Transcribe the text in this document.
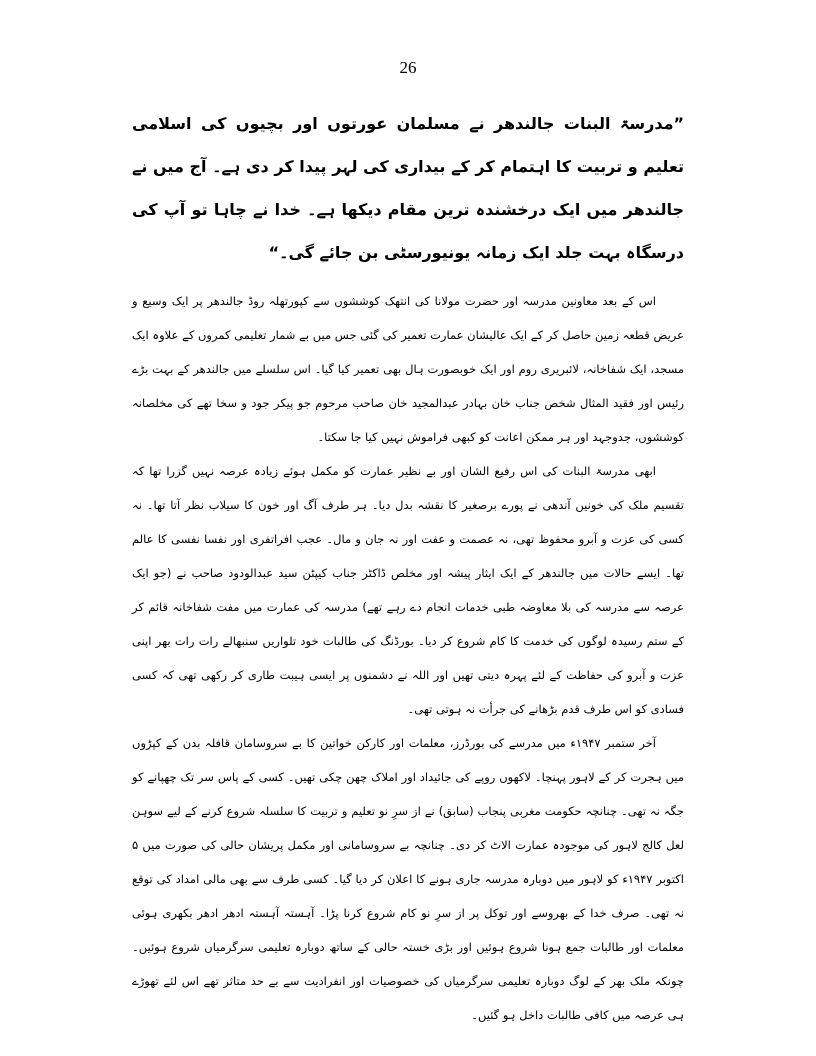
26

”مدرسۃ البنات جالندھر نے مسلمان عورتوں اور بچیوں کی اسلامی تعلیم و تربیت کا اہتمام کر کے بیداری کی لہر پیدا کر دی ہے۔ آج میں نے جالندھر میں ایک درخشندہ ترین مقام دیکھا ہے۔ خدا نے چاہا تو آپ کی درسگاہ بہت جلد ایک زمانہ یونیورسٹی بن جائے گی۔“

اس کے بعد معاونین مدرسہ اور حضرت مولانا کی انتھک کوششوں سے کپورتھلہ روڈ جالندھر پر ایک وسیع و عریض قطعہ زمین حاصل کر کے ایک عالیشان عمارت تعمیر کی گئی جس میں بے شمار تعلیمی کمروں کے علاوہ ایک مسجد، ایک شفاخانہ، لائبریری روم اور ایک خوبصورت ہال بھی تعمیر کیا گیا۔ اس سلسلے میں جالندھر کے بہت بڑے رئیس اور فقید المثال شخص جناب خان بہادر عبدالمجید خان صاحب مرحوم جو پیکر جود و سخا تھے کی مخلصانہ کوششوں، جدوجہد اور ہر ممکن اعانت کو کبھی فراموش نہیں کیا جا سکتا۔

ابھی مدرسۃ البنات کی اس رفیع الشان اور بے نظیر عمارت کو مکمل ہوئے زیادہ عرصہ نہیں گزرا تھا کہ تقسیم ملک کی خونیں آندھی نے پورے برصغیر کا نقشہ بدل دیا۔ ہر طرف آگ اور خون کا سیلاب نظر آتا تھا۔ نہ کسی کی عزت و آبرو محفوظ تھی، نہ عصمت و عفت اور نہ جان و مال۔ عجب افراتفری اور نفسا نفسی کا عالم تھا۔ ایسے حالات میں جالندھر کے ایک ایثار پیشہ اور مخلص ڈاکٹر جناب کیپٹن سید عبدالودود صاحب نے (جو ایک عرصہ سے مدرسہ کی بلا معاوضہ طبی خدمات انجام دے رہے تھے) مدرسہ کی عمارت میں مفت شفاخانہ قائم کر کے ستم رسیدہ لوگوں کی خدمت کا کام شروع کر دیا۔ بورڈنگ کی طالبات خود تلواریں سنبھالے رات رات بھر اپنی عزت و آبرو کی حفاظت کے لئے پہرہ دیتی تھیں اور اللہ نے دشمنوں پر ایسی ہیبت طاری کر رکھی تھی کہ کسی فسادی کو اس طرف قدم بڑھانے کی جرأت نہ ہوتی تھی۔

آخر ستمبر ۱۹۴۷ء میں مدرسے کی بورڈرز، معلمات اور کارکن خواتین کا بے سروسامان قافلہ بدن کے کپڑوں میں ہجرت کر کے لاہور پہنچا۔ لاکھوں روپے کی جائیداد اور املاک چھن چکی تھیں۔ کسی کے پاس سر تک چھپانے کو جگہ نہ تھی۔ چنانچہ حکومت مغربی پنجاب (سابق) نے از سرِ نو تعلیم و تربیت کا سلسلہ شروع کرنے کے لیے سوہن لعل کالج لاہور کی موجودہ عمارت الاٹ کر دی۔ چنانچہ بے سروسامانی اور مکمل پریشان حالی کی صورت میں ۵ اکتوبر ۱۹۴۷ء کو لاہور میں دوبارہ مدرسہ جاری ہونے کا اعلان کر دیا گیا۔ کسی طرف سے بھی مالی امداد کی توقع نہ تھی۔ صرف خدا کے بھروسے اور توکل پر از سرِ نو کام شروع کرنا پڑا۔ آہستہ آہستہ ادھر ادھر بکھری ہوئی معلمات اور طالبات جمع ہونا شروع ہوئیں اور بڑی خستہ حالی کے ساتھ دوبارہ تعلیمی سرگرمیاں شروع ہوئیں۔ چونکہ ملک بھر کے لوگ دوبارہ تعلیمی سرگرمیاں کی خصوصیات اور انفرادیت سے بے حد متاثر تھے اس لئے تھوڑے ہی عرصہ میں کافی طالبات داخل ہو گئیں۔
